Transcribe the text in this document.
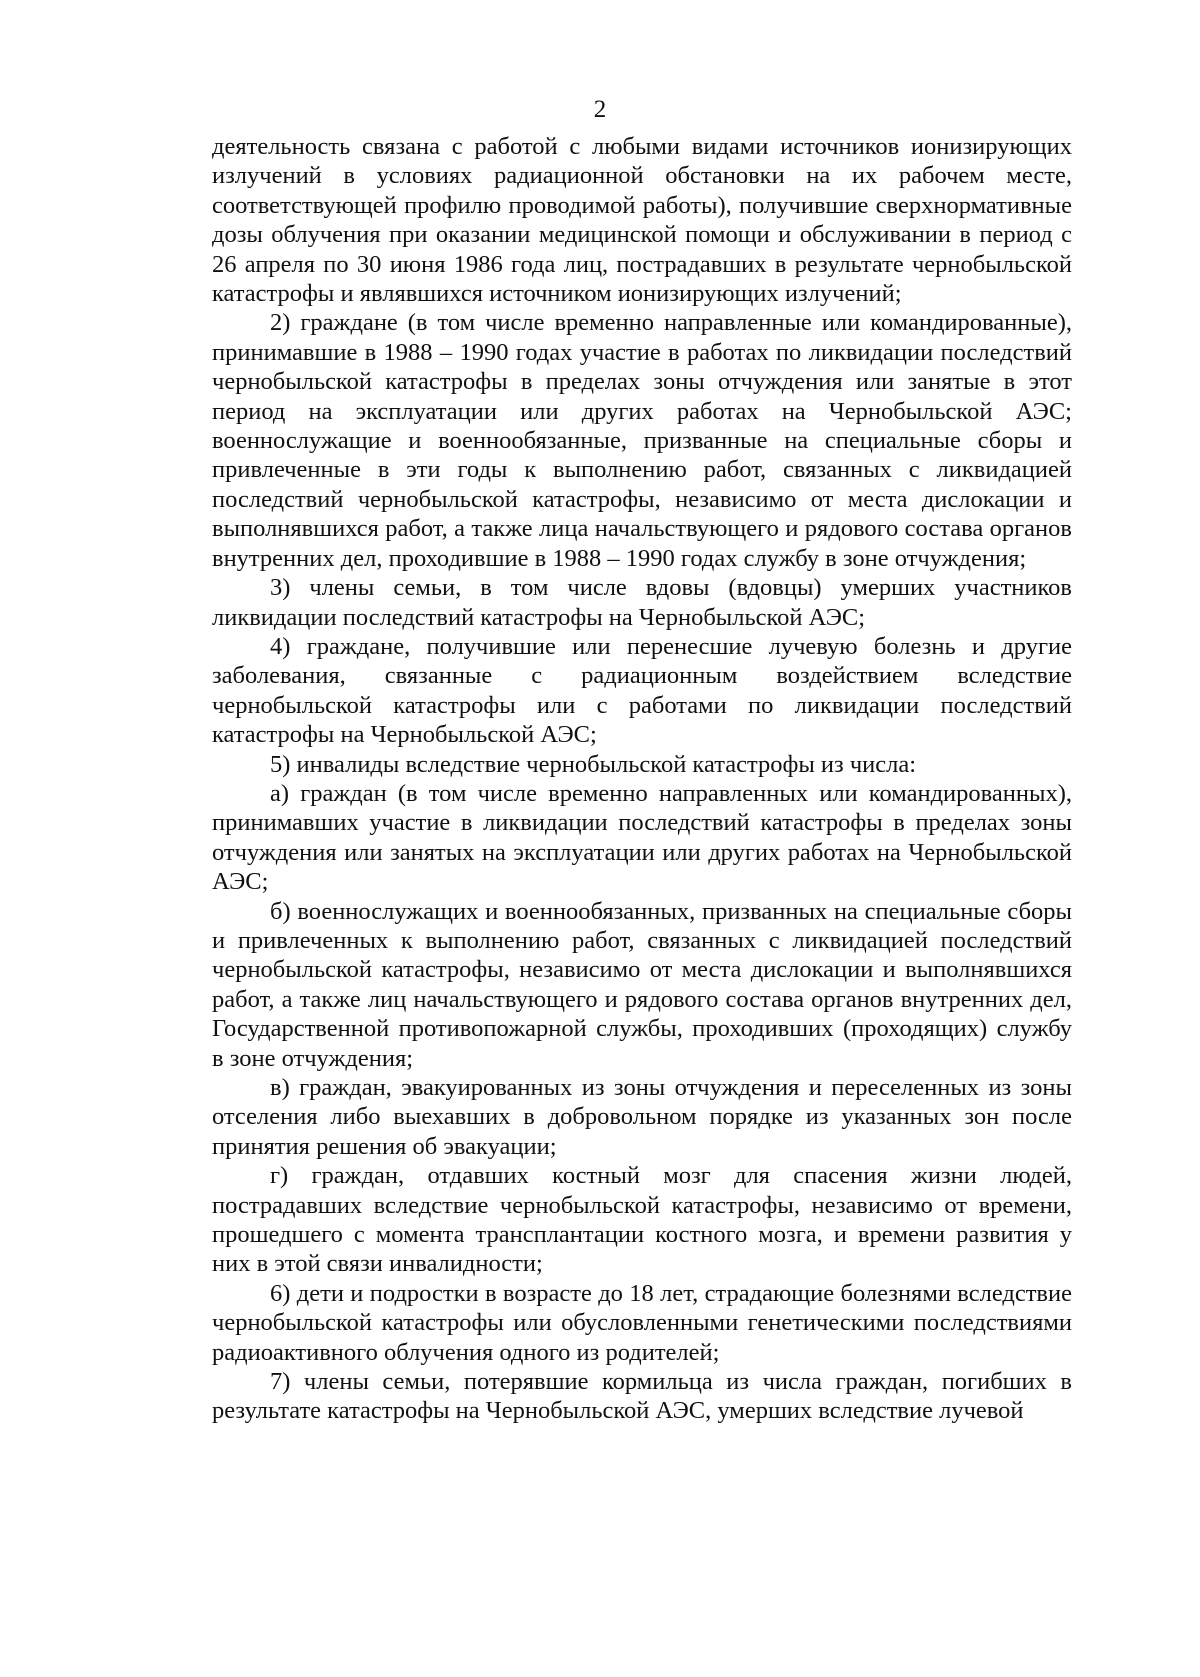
2

деятельность связана с работой с любыми видами источников ионизирующих излучений в условиях радиационной обстановки на их рабочем месте, соответствующей профилю проводимой работы), получившие сверхнормативные дозы облучения при оказании медицинской помощи и обслуживании в период с 26 апреля по 30 июня 1986 года лиц, пострадавших в результате чернобыльской катастрофы и являвшихся источником ионизирующих излучений;

2) граждане (в том числе временно направленные или командированные), принимавшие в 1988 – 1990 годах участие в работах по ликвидации последствий чернобыльской катастрофы в пределах зоны отчуждения или занятые в этот период на эксплуатации или других работах на Чернобыльской АЭС; военнослужащие и военнообязанные, призванные на специальные сборы и привлеченные в эти годы к выполнению работ, связанных с ликвидацией последствий чернобыльской катастрофы, независимо от места дислокации и выполнявшихся работ, а также лица начальствующего и рядового состава органов внутренних дел, проходившие в 1988 – 1990 годах службу в зоне отчуждения;

3) члены семьи, в том числе вдовы (вдовцы) умерших участников ликвидации последствий катастрофы на Чернобыльской АЭС;

4) граждане, получившие или перенесшие лучевую болезнь и другие заболевания, связанные с радиационным воздействием вследствие чернобыльской катастрофы или с работами по ликвидации последствий катастрофы на Чернобыльской АЭС;

5) инвалиды вследствие чернобыльской катастрофы из числа:

а) граждан (в том числе временно направленных или командированных), принимавших участие в ликвидации последствий катастрофы в пределах зоны отчуждения или занятых на эксплуатации или других работах на Чернобыльской АЭС;

б) военнослужащих и военнообязанных, призванных на специальные сборы и привлеченных к выполнению работ, связанных с ликвидацией последствий чернобыльской катастрофы, независимо от места дислокации и выполнявшихся работ, а также лиц начальствующего и рядового состава органов внутренних дел, Государственной противопожарной службы, проходивших (проходящих) службу в зоне отчуждения;

в) граждан, эвакуированных из зоны отчуждения и переселенных из зоны отселения либо выехавших в добровольном порядке из указанных зон после принятия решения об эвакуации;

г) граждан, отдавших костный мозг для спасения жизни людей, пострадавших вследствие чернобыльской катастрофы, независимо от времени, прошедшего с момента трансплантации костного мозга, и времени развития у них в этой связи инвалидности;

6) дети и подростки в возрасте до 18 лет, страдающие болезнями вследствие чернобыльской катастрофы или обусловленными генетическими последствиями радиоактивного облучения одного из родителей;

7) члены семьи, потерявшие кормильца из числа граждан, погибших в результате катастрофы на Чернобыльской АЭС, умерших вследствие лучевой
